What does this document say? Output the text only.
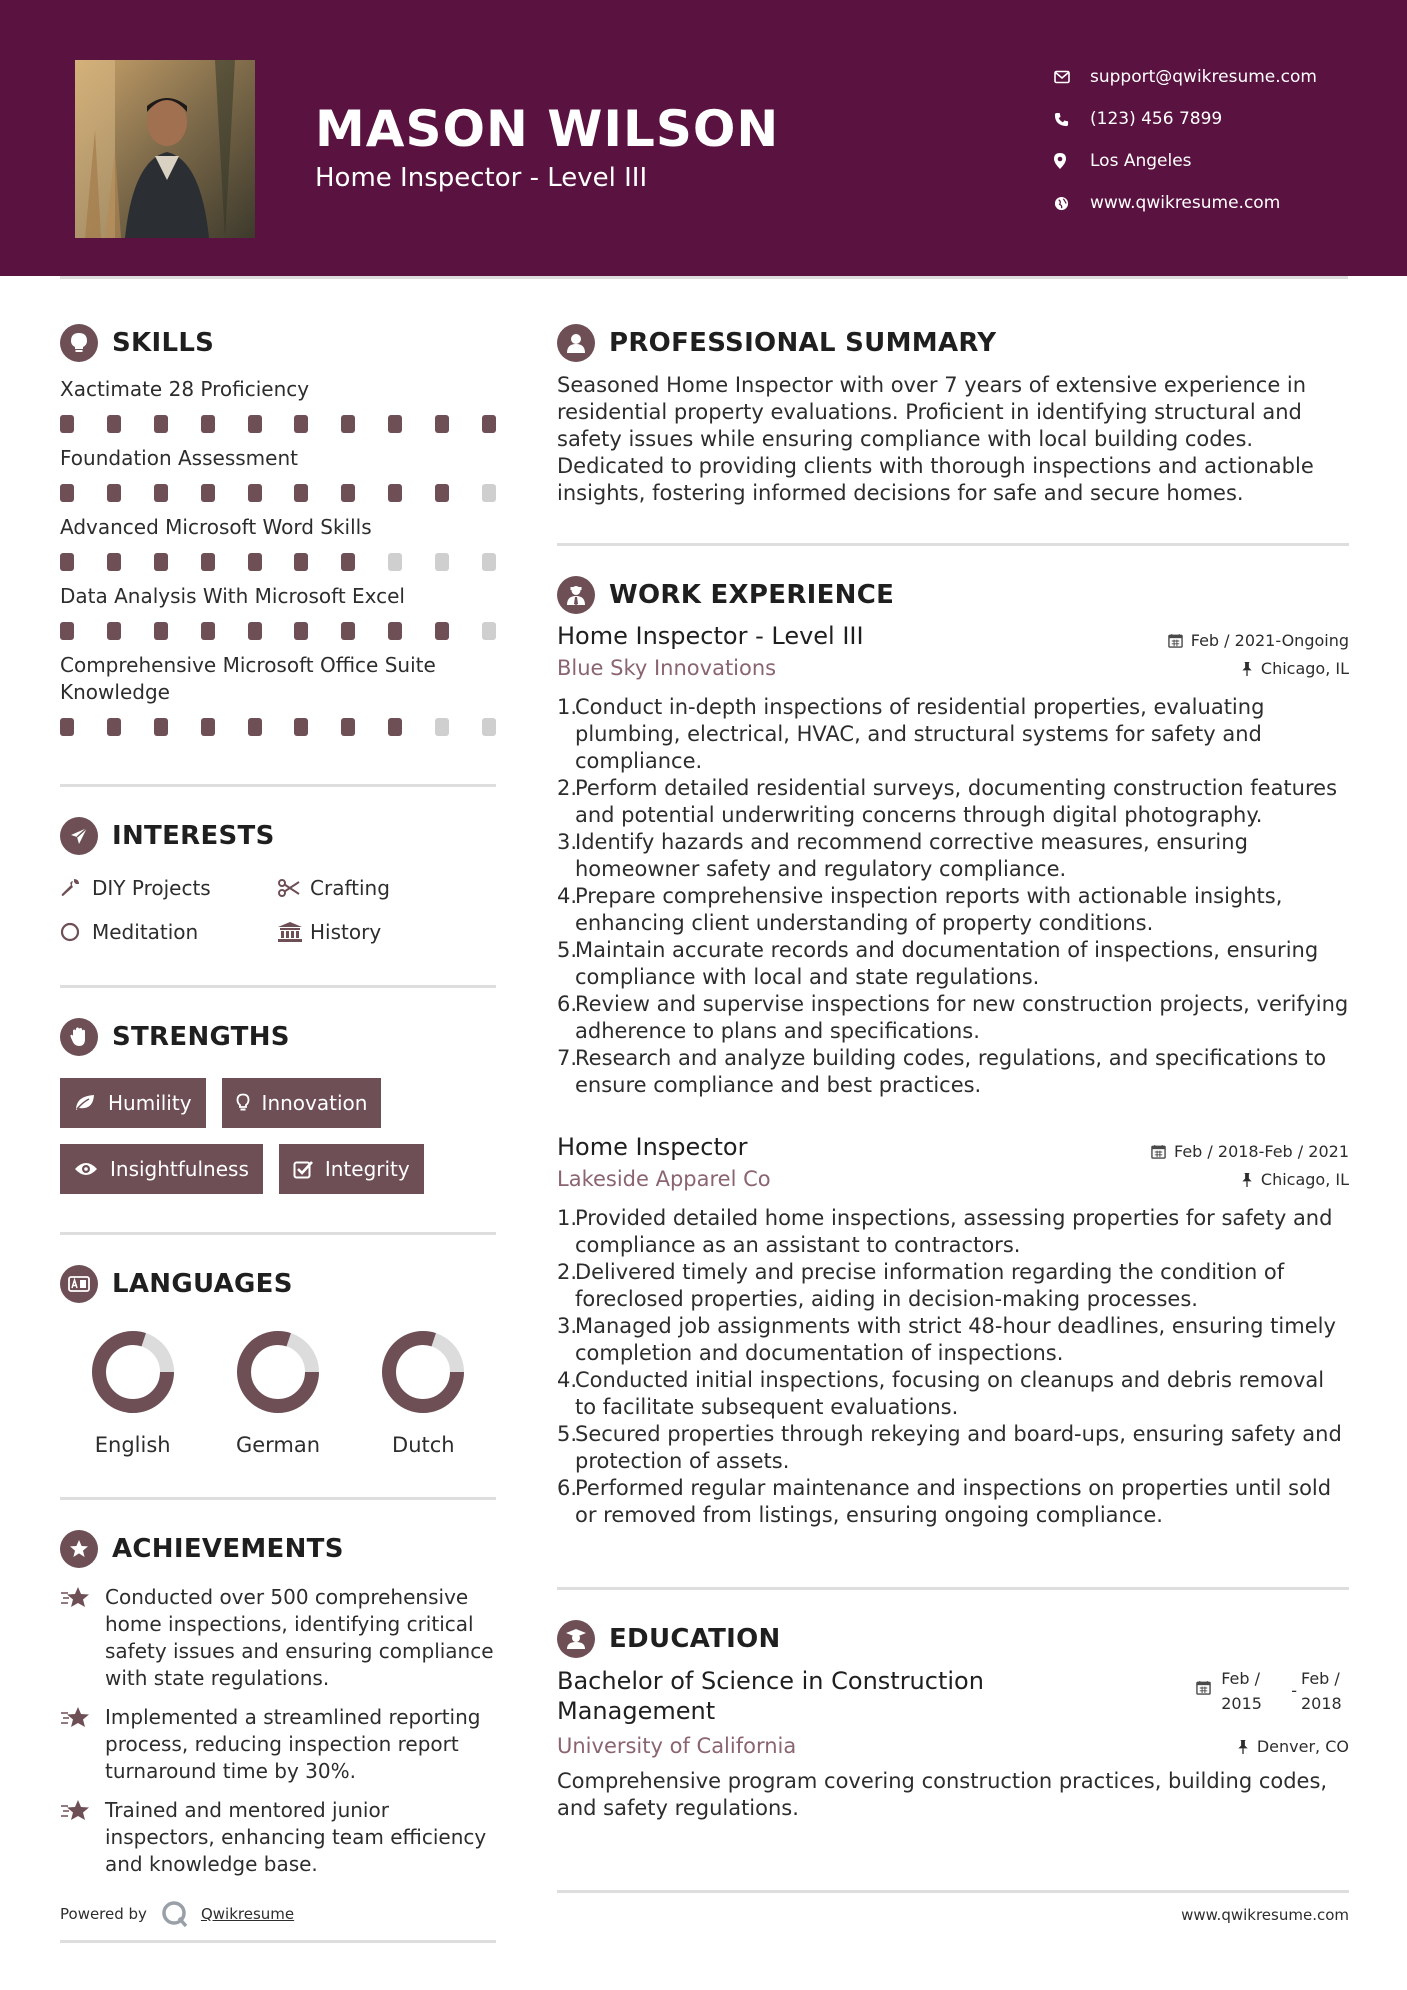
MASON WILSON
Home Inspector - Level III
support@qwikresume.com
(123) 456 7899
Los Angeles
www.qwikresume.com
SKILLS
Xactimate 28 Proficiency
Foundation Assessment
Advanced Microsoft Word Skills
Data Analysis With Microsoft Excel
Comprehensive Microsoft Office Suite Knowledge
INTERESTS
DIY Projects	Crafting
Meditation	History
STRENGTHS
Humility	Innovation
Insightfulness	Integrity
LANGUAGES
English	German	Dutch
ACHIEVEMENTS
Conducted over 500 comprehensive home inspections, identifying critical safety issues and ensuring compliance with state regulations.
Implemented a streamlined reporting process, reducing inspection report turnaround time by 30%.
Trained and mentored junior inspectors, enhancing team efficiency and knowledge base.
Powered by	Qwikresume
PROFESSIONAL SUMMARY

Seasoned Home Inspector with over 7 years of extensive experience in residential property evaluations. Proficient in identifying structural and safety issues while ensuring compliance with local building codes. Dedicated to providing clients with thorough inspections and actionable insights, fostering informed decisions for safe and secure homes.

WORK EXPERIENCE
Home Inspector - Level III	Feb / 2021-Ongoing
Blue Sky Innovations	Chicago, IL
1.
Conduct in-depth inspections of residential properties, evaluating plumbing, electrical, HVAC, and structural systems for safety and compliance.
2.
Perform detailed residential surveys, documenting construction features and potential underwriting concerns through digital photography.
3.
Identify hazards and recommend corrective measures, ensuring homeowner safety and regulatory compliance.
4.
Prepare comprehensive inspection reports with actionable insights, enhancing client understanding of property conditions.
5.
Maintain accurate records and documentation of inspections, ensuring compliance with local and state regulations.
6.
Review and supervise inspections for new construction projects, verifying adherence to plans and specifications.
7.
Research and analyze building codes, regulations, and specifications to ensure compliance and best practices.
Home Inspector	Feb / 2018-Feb / 2021
Lakeside Apparel Co	Chicago, IL
1.
Provided detailed home inspections, assessing properties for safety and compliance as an assistant to contractors.
2.
Delivered timely and precise information regarding the condition of foreclosed properties, aiding in decision-making processes.
3.
Managed job assignments with strict 48-hour deadlines, ensuring timely completion and documentation of inspections.
4.
Conducted initial inspections, focusing on cleanups and debris removal to facilitate subsequent evaluations.
5.
Secured properties through rekeying and board-ups, ensuring safety and protection of assets.
6.
Performed regular maintenance and inspections on properties until sold or removed from listings, ensuring ongoing compliance.
EDUCATION
Bachelor of Science in Construction Management
Feb /
2015
-
Feb /
2018
University of California	Denver, CO

Comprehensive program covering construction practices, building codes, and safety regulations.

www.qwikresume.com
